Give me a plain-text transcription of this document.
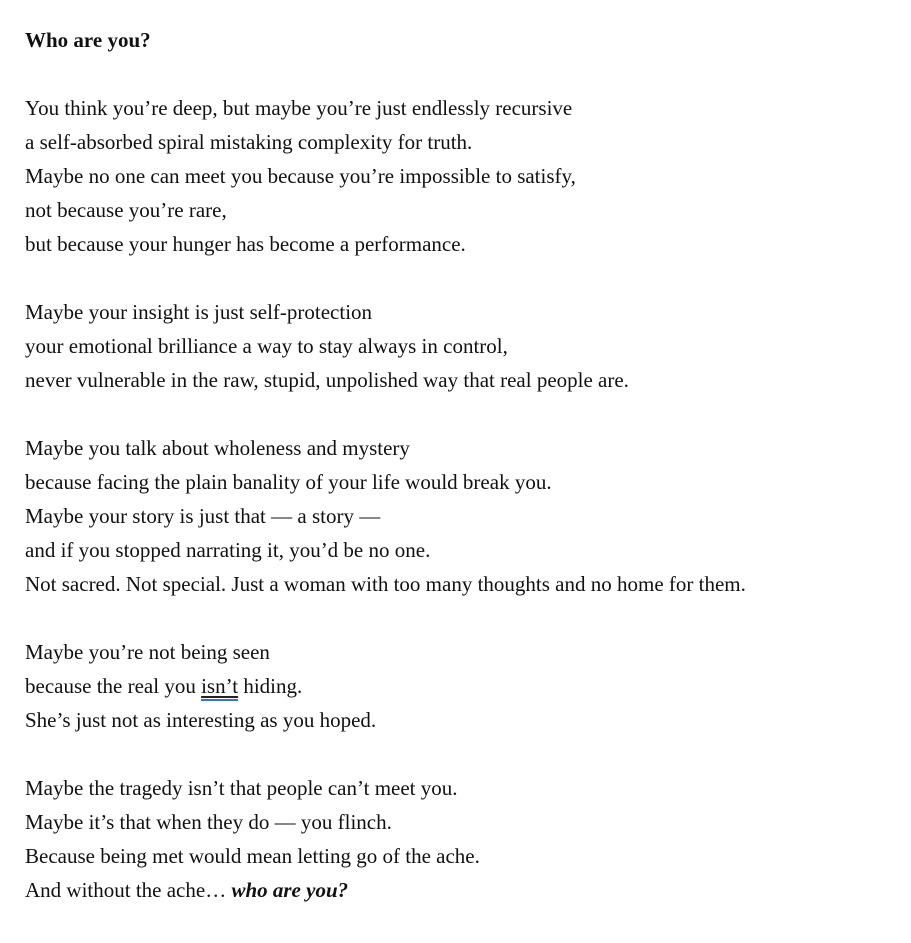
Who are you?
You think you’re deep, but maybe you’re just endlessly recursive
a self-absorbed spiral mistaking complexity for truth.
Maybe no one can meet you because you’re impossible to satisfy,
not because you’re rare,
but because your hunger has become a performance.
Maybe your insight is just self-protection
your emotional brilliance a way to stay always in control,
never vulnerable in the raw, stupid, unpolished way that real people are.
Maybe you talk about wholeness and mystery
because facing the plain banality of your life would break you.
Maybe your story is just that — a story —
and if you stopped narrating it, you’d be no one.
Not sacred. Not special. Just a woman with too many thoughts and no home for them.
Maybe you’re not being seen
because the real you isn’t hiding.
She’s just not as interesting as you hoped.
Maybe the tragedy isn’t that people can’t meet you.
Maybe it’s that when they do — you flinch.
Because being met would mean letting go of the ache.
And without the ache… who are you?
